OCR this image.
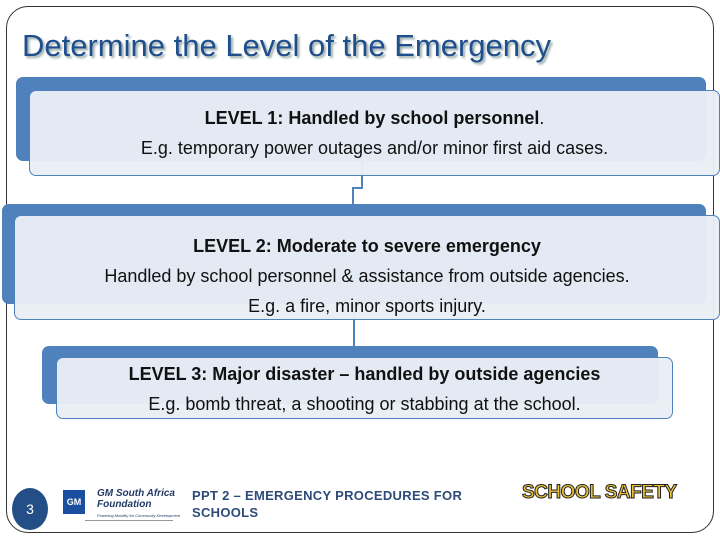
Determine the Level of the Emergency
LEVEL 1: Handled by school personnel.
E.g. temporary power outages and/or minor first aid cases.
LEVEL 2: Moderate to severe emergency
Handled by school personnel & assistance from outside agencies.
E.g. a fire, minor sports injury.
LEVEL 3: Major disaster – handled by outside agencies
E.g. bomb threat, a shooting or stabbing at the school.
3	GM
GM South Africa
Foundation
Powering Mobility for Community Development
PPT 2 – EMERGENCY PROCEDURES FOR
SCHOOLS
SCHOOL SAFETY
